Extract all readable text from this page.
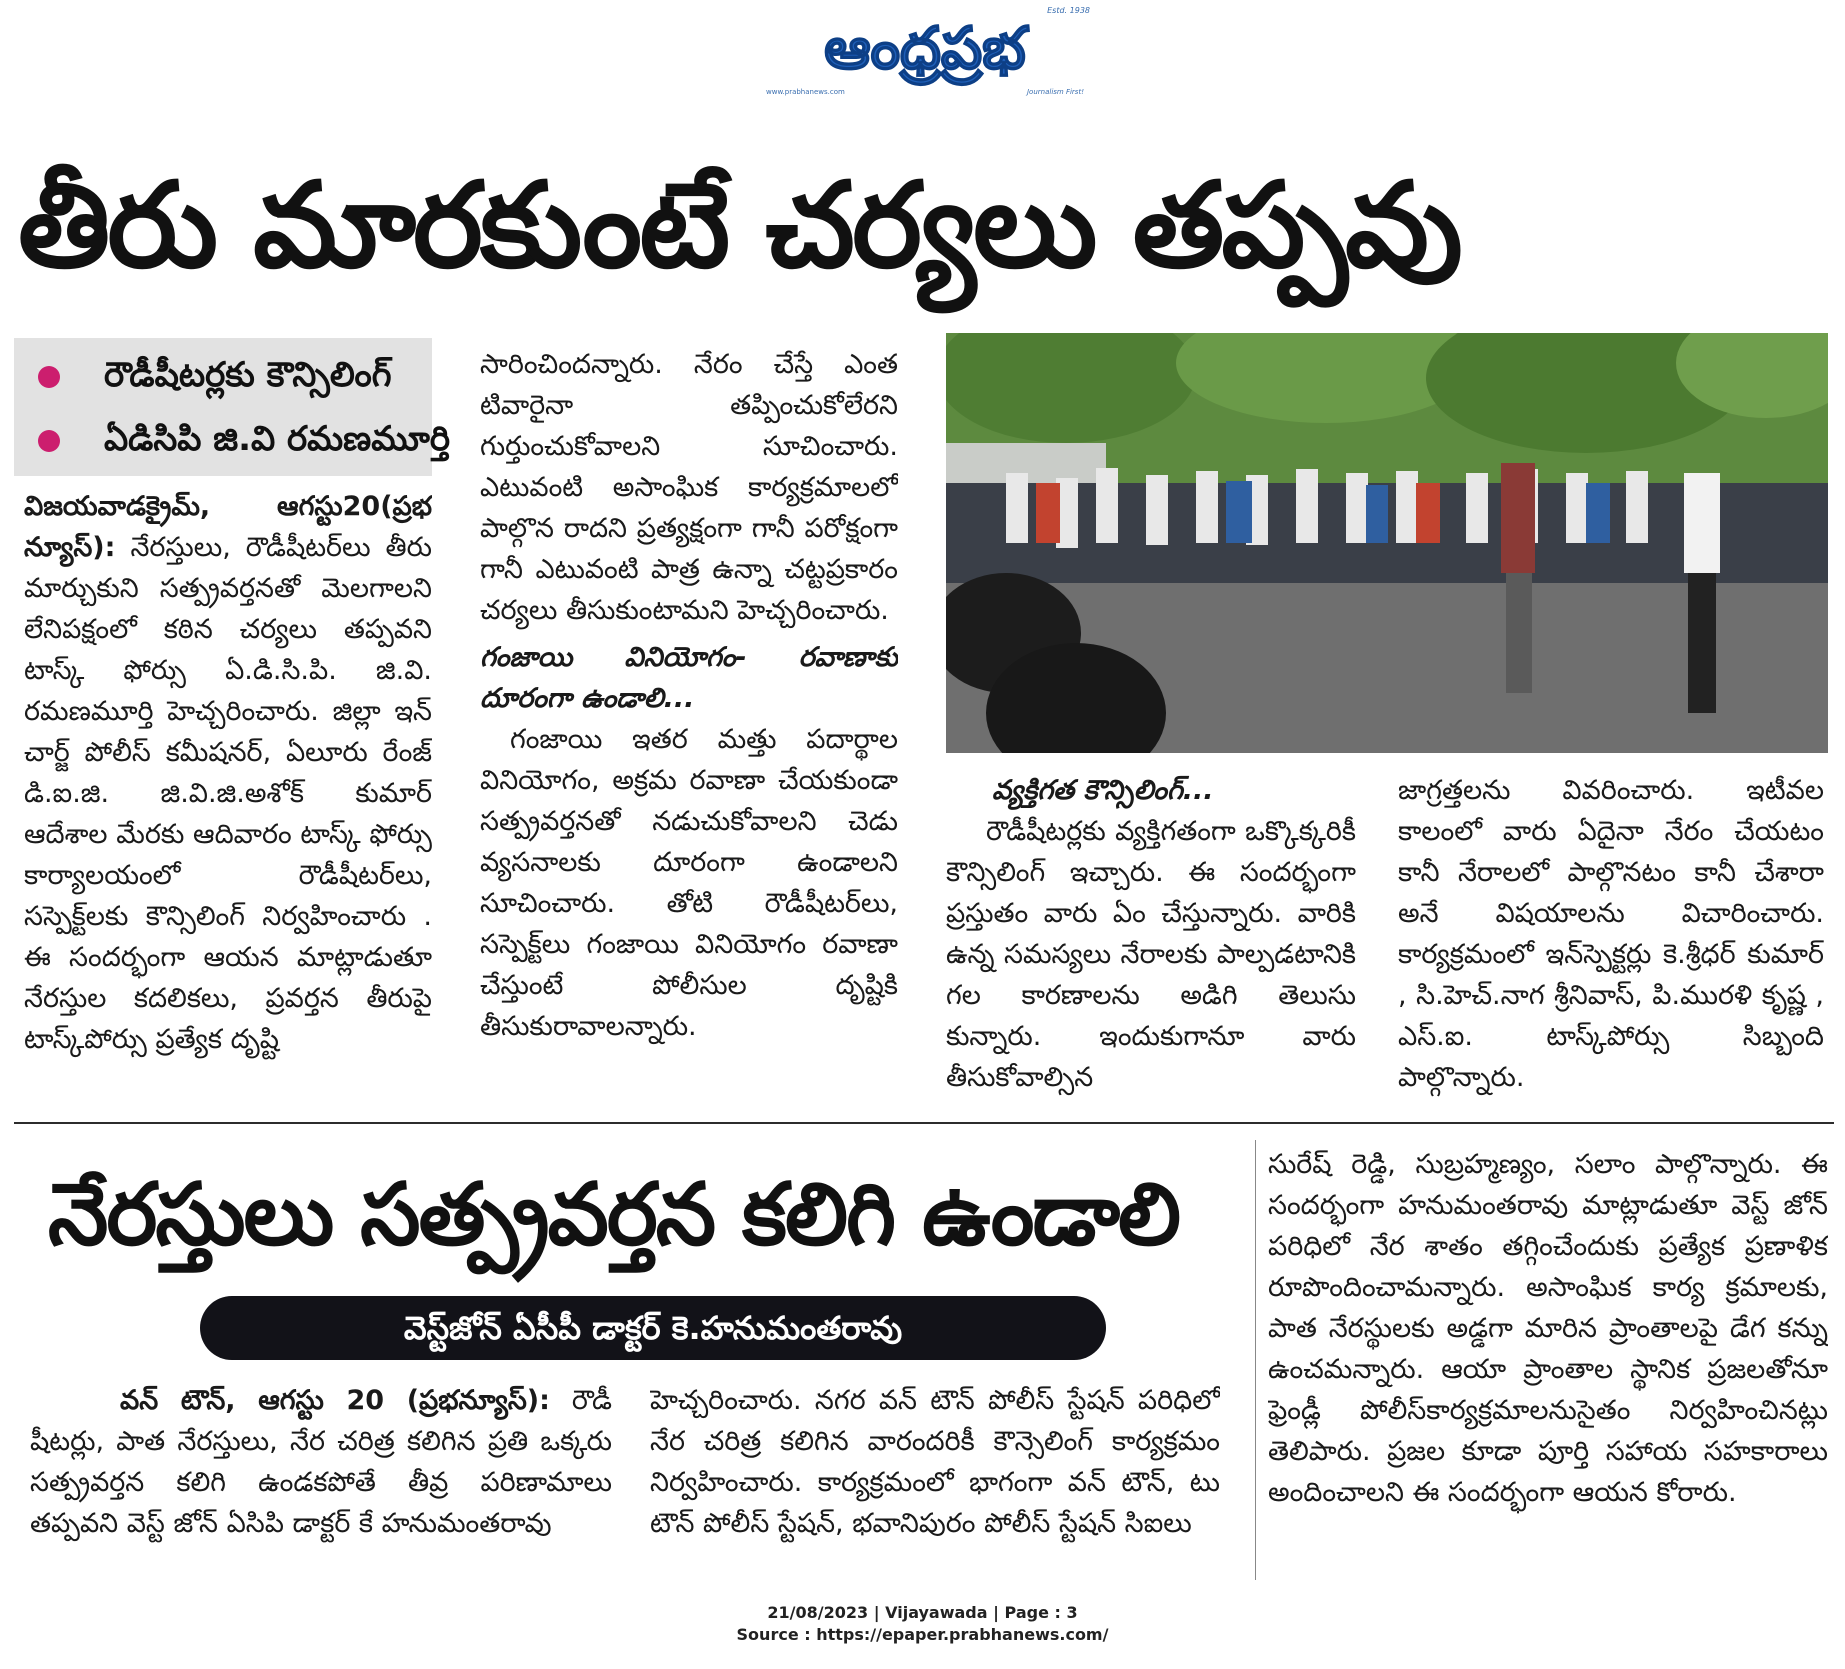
ఆంధ్రప్రభ
Estd. 1938
www.prabhanews.com	Journalism First!
తీరు మారకుంటే చర్యలు తప్పవు
రౌడీషీటర్లకు కౌన్సిలింగ్
ఏడిసిపి జి.వి రమణమూర్తి

విజయవాడక్రైమ్, ఆగస్టు20(ప్రభ న్యూస్): నేరస్తులు, రౌడీషీటర్‌లు తీరు మార్చుకుని సత్ప్రవర్తనతో మెలగాలని లేనిపక్షంలో కఠిన చర్యలు తప్పవని టాస్క్ ఫోర్సు ఏ.డి.సి.పి. జి.వి. రమణమూర్తి హెచ్చరించారు. జిల్లా ఇన్ చార్జ్ పోలీస్ కమీషనర్, ఏలూరు రేంజ్ డి.ఐ.జి. జి.వి.జి.అశోక్ కుమార్ ఆదేశాల మేరకు ఆదివారం టాస్క్ ఫోర్సు కార్యాలయంలో రౌడీషీటర్‌లు, సస్పెక్ట్‌లకు కౌన్సిలింగ్ నిర్వహించారు . ఈ సందర్భంగా ఆయన మాట్లాడుతూ నేరస్తుల కదలికలు, ప్రవర్తన తీరుపై టాస్క్‌పోర్సు ప్రత్యేక దృష్టి

సారించిందన్నారు. నేరం చేస్తే ఎంత టివారైనా తప్పించుకోలేరని గుర్తుంచుకోవాలని సూచించారు. ఎటువంటి అసాంఘిక కార్యక్రమాలలో పాల్గొన రాదని ప్రత్యక్షంగా గానీ పరోక్షంగా గానీ ఎటువంటి పాత్ర ఉన్నా చట్టప్రకారం చర్యలు తీసుకుంటామని హెచ్చరించారు.

గంజాయి వినియోగం- రవాణాకు దూరంగా ఉండాలి...

గంజాయి ఇతర మత్తు పదార్థాల వినియోగం, అక్రమ రవాణా చేయకుండా సత్ప్రవర్తనతో నడుచుకోవాలని చెడు వ్యసనాలకు దూరంగా ఉండాలని సూచించారు. తోటి రౌడీషీటర్‌లు, సస్పెక్ట్‌లు గంజాయి వినియోగం రవాణా చేస్తుంటే పోలీసుల దృష్టికి తీసుకురావాలన్నారు.

వ్యక్తిగత కౌన్సిలింగ్...

రౌడీషీటర్లకు వ్యక్తిగతంగా ఒక్కొక్కరికీ కౌన్సిలింగ్ ఇచ్చారు. ఈ సందర్భంగా ప్రస్తుతం వారు ఏం చేస్తున్నారు. వారికి ఉన్న సమస్యలు నేరాలకు పాల్పడటానికి గల కారణాలను అడిగి తెలుసు కున్నారు. ఇందుకుగానూ వారు తీసుకోవాల్సిన

జాగ్రత్తలను వివరించారు. ఇటీవల కాలంలో వారు ఏదైనా నేరం చేయటం కానీ నేరాలలో పాల్గొనటం కానీ చేశారా అనే విషయాలను విచారించారు. కార్యక్రమంలో ఇన్‌స్పెక్టర్లు కె.శ్రీధర్ కుమార్ , సి.హెచ్.నాగ శ్రీనివాస్, పి.మురళి కృష్ణ , ఎస్.ఐ. టాస్క్‌పోర్సు సిబ్బంది పాల్గొన్నారు.

నేరస్తులు సత్ప్రవర్తన కలిగి ఉండాలి
వెస్ట్‌జోన్ ఏసీపీ డాక్టర్ కె.హనుమంతరావు

వన్ టౌన్, ఆగస్టు 20 (ప్రభన్యూస్): రౌడీ షీటర్లు, పాత నేరస్తులు, నేర చరిత్ర కలిగిన ప్రతి ఒక్కరు సత్ప్రవర్తన కలిగి ఉండకపోతే తీవ్ర పరిణామాలు తప్పవని వెస్ట్ జోన్ ఏసిపి డాక్టర్ కే హనుమంతరావు

హెచ్చరించారు. నగర వన్ టౌన్ పోలీస్ స్టేషన్ పరిధిలో నేర చరిత్ర కలిగిన వారందరికీ కౌన్సెలింగ్ కార్యక్రమం నిర్వహించారు. కార్యక్రమంలో భాగంగా వన్ టౌన్, టు టౌన్ పోలీస్ స్టేషన్, భవానిపురం పోలీస్ స్టేషన్ సిఐలు

సురేష్ రెడ్డి, సుబ్రహ్మణ్యం, సలాం పాల్గొన్నారు. ఈ సందర్భంగా హనుమంతరావు మాట్లాడుతూ వెస్ట్ జోన్ పరిధిలో నేర శాతం తగ్గించేందుకు ప్రత్యేక ప్రణాళిక రూపొందించామన్నారు. అసాంఘిక కార్య క్రమాలకు, పాత నేరస్థులకు అడ్డగా మారిన ప్రాంతాలపై డేగ కన్ను ఉంచమన్నారు. ఆయా ప్రాంతాల స్థానిక ప్రజలతోనూ ఫ్రెండ్లీ పోలీస్‌కార్యక్రమాలనుసైతం నిర్వహించినట్లు తెలిపారు. ప్రజల కూడా పూర్తి సహాయ సహకారాలు అందించాలని ఈ సందర్భంగా ఆయన కోరారు.

21/08/2023 | Vijayawada | Page : 3
Source : https://epaper.prabhanews.com/
